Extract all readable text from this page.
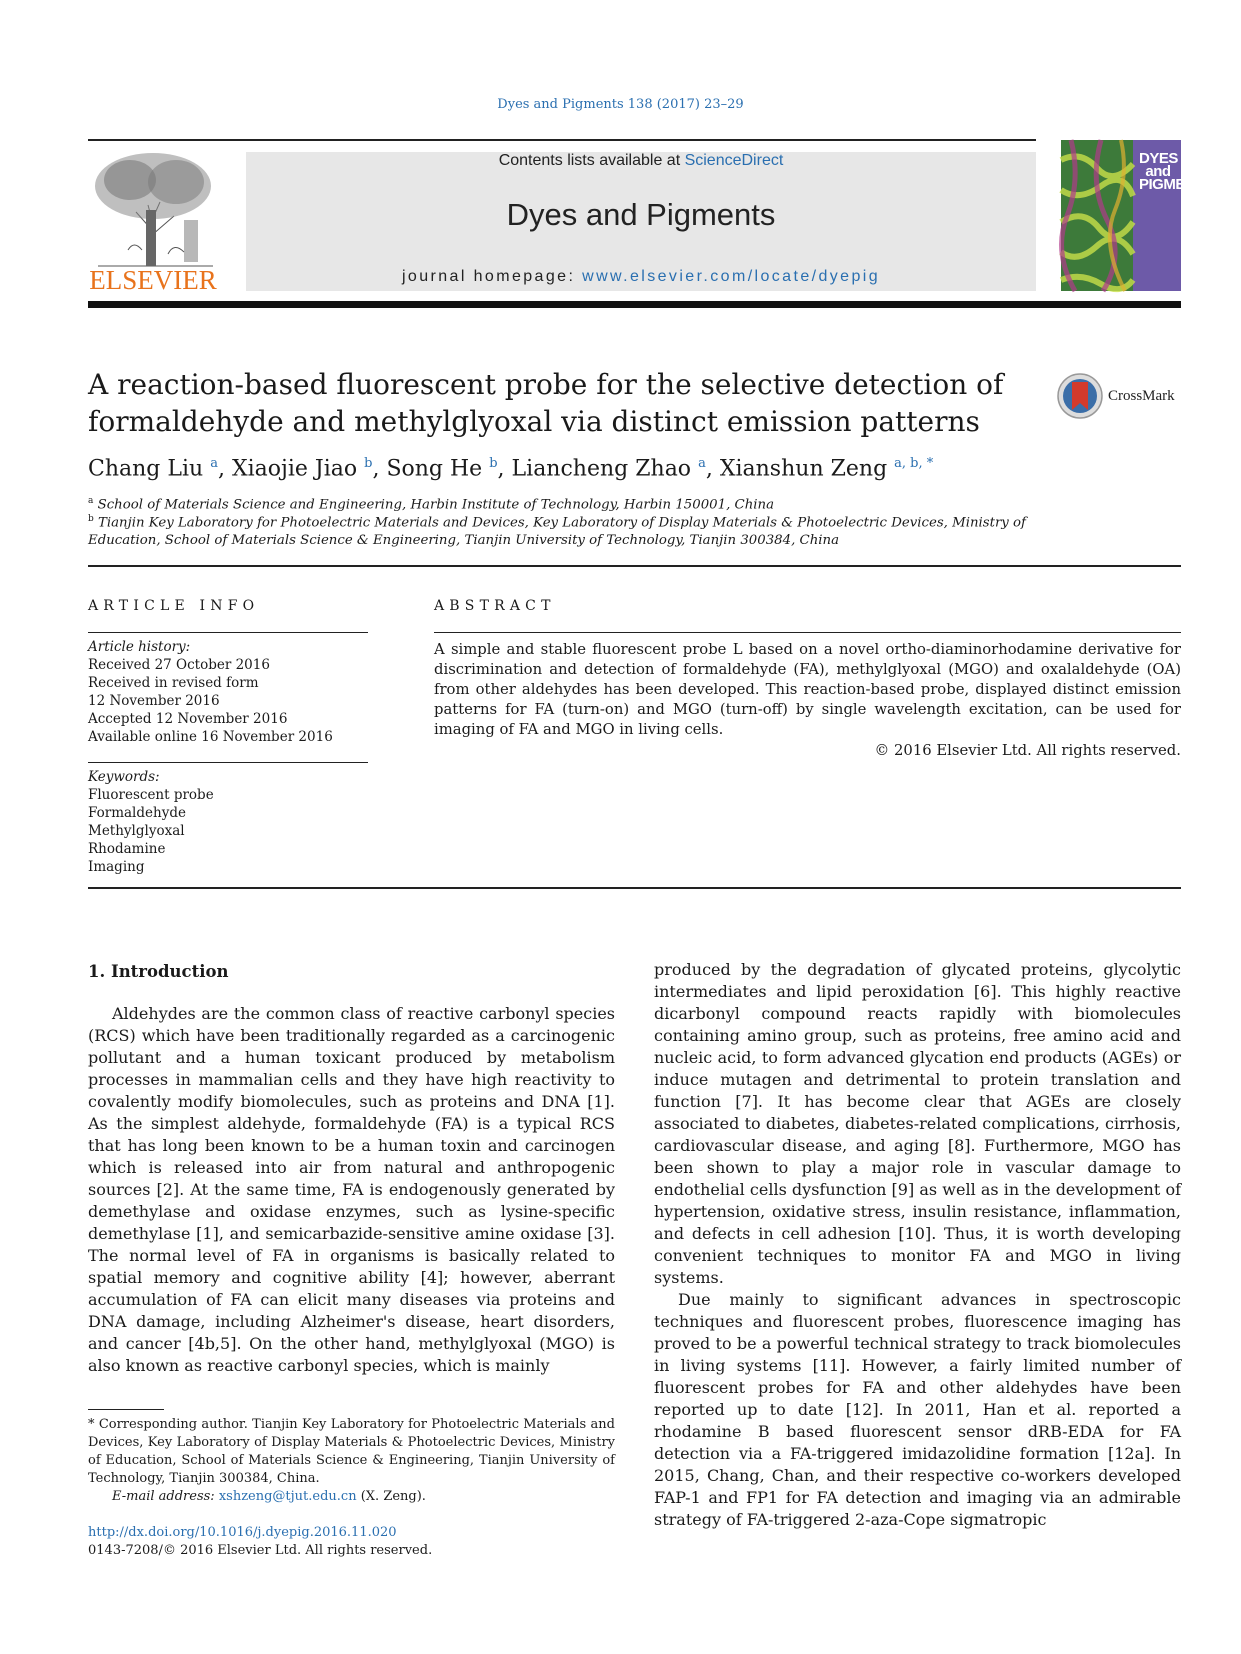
Dyes and Pigments 138 (2017) 23–29
ELSEVIER
Contents lists available at ScienceDirect
Dyes and Pigments
journal homepage: www.elsevier.com/locate/dyepig
DYES and PIGMENTS
A reaction-based fluorescent probe for the selective detection of formaldehyde and methylglyoxal via distinct emission patterns
CrossMark
Chang Liu $^a$, Xiaojie Jiao $^b$, Song He $^b$, Liancheng Zhao $^a$, Xianshun Zeng $^{a, b, *}$
$^a$ School of Materials Science and Engineering, Harbin Institute of Technology, Harbin 150001, China
$^b$ Tianjin Key Laboratory for Photoelectric Materials and Devices, Key Laboratory of Display Materials & Photoelectric Devices, Ministry of Education, School of Materials Science & Engineering, Tianjin University of Technology, Tianjin 300384, China
ARTICLE INFO
Article history:
Received 27 October 2016
Received in revised form
12 November 2016
Accepted 12 November 2016
Available online 16 November 2016
Keywords:
Fluorescent probe
Formaldehyde
Methylglyoxal
Rhodamine
Imaging
ABSTRACT
A simple and stable fluorescent probe L based on a novel ortho-diaminorhodamine derivative for discrimination and detection of formaldehyde (FA), methylglyoxal (MGO) and oxalaldehyde (OA) from other aldehydes has been developed. This reaction-based probe, displayed distinct emission patterns for FA (turn-on) and MGO (turn-off) by single wavelength excitation, can be used for imaging of FA and MGO in living cells.
© 2016 Elsevier Ltd. All rights reserved.
1. Introduction

Aldehydes are the common class of reactive carbonyl species (RCS) which have been traditionally regarded as a carcinogenic pollutant and a human toxicant produced by metabolism processes in mammalian cells and they have high reactivity to covalently modify biomolecules, such as proteins and DNA [1]. As the simplest aldehyde, formaldehyde (FA) is a typical RCS that has long been known to be a human toxin and carcinogen which is released into air from natural and anthropogenic sources [2]. At the same time, FA is endogenously generated by demethylase and oxidase enzymes, such as lysine-specific demethylase [1], and semicarbazide-sensitive amine oxidase [3]. The normal level of FA in organisms is basically related to spatial memory and cognitive ability [4]; however, aberrant accumulation of FA can elicit many diseases via proteins and DNA damage, including Alzheimer's disease, heart disorders, and cancer [4b,5]. On the other hand, methylglyoxal (MGO) is also known as reactive carbonyl species, which is mainly

produced by the degradation of glycated proteins, glycolytic intermediates and lipid peroxidation [6]. This highly reactive dicarbonyl compound reacts rapidly with biomolecules containing amino group, such as proteins, free amino acid and nucleic acid, to form advanced glycation end products (AGEs) or induce mutagen and detrimental to protein translation and function [7]. It has become clear that AGEs are closely associated to diabetes, diabetes-related complications, cirrhosis, cardiovascular disease, and aging [8]. Furthermore, MGO has been shown to play a major role in vascular damage to endothelial cells dysfunction [9] as well as in the development of hypertension, oxidative stress, insulin resistance, inflammation, and defects in cell adhesion [10]. Thus, it is worth developing convenient techniques to monitor FA and MGO in living systems.

Due mainly to significant advances in spectroscopic techniques and fluorescent probes, fluorescence imaging has proved to be a powerful technical strategy to track biomolecules in living systems [11]. However, a fairly limited number of fluorescent probes for FA and other aldehydes have been reported up to date [12]. In 2011, Han et al. reported a rhodamine B based fluorescent sensor dRB-EDA for FA detection via a FA-triggered imidazolidine formation [12a]. In 2015, Chang, Chan, and their respective co-workers developed FAP-1 and FP1 for FA detection and imaging via an admirable strategy of FA-triggered 2-aza-Cope sigmatropic

* Corresponding author. Tianjin Key Laboratory for Photoelectric Materials and Devices, Key Laboratory of Display Materials & Photoelectric Devices, Ministry of Education, School of Materials Science & Engineering, Tianjin University of Technology, Tianjin 300384, China.
E-mail address: xshzeng@tjut.edu.cn (X. Zeng).
http://dx.doi.org/10.1016/j.dyepig.2016.11.020
0143-7208/© 2016 Elsevier Ltd. All rights reserved.
